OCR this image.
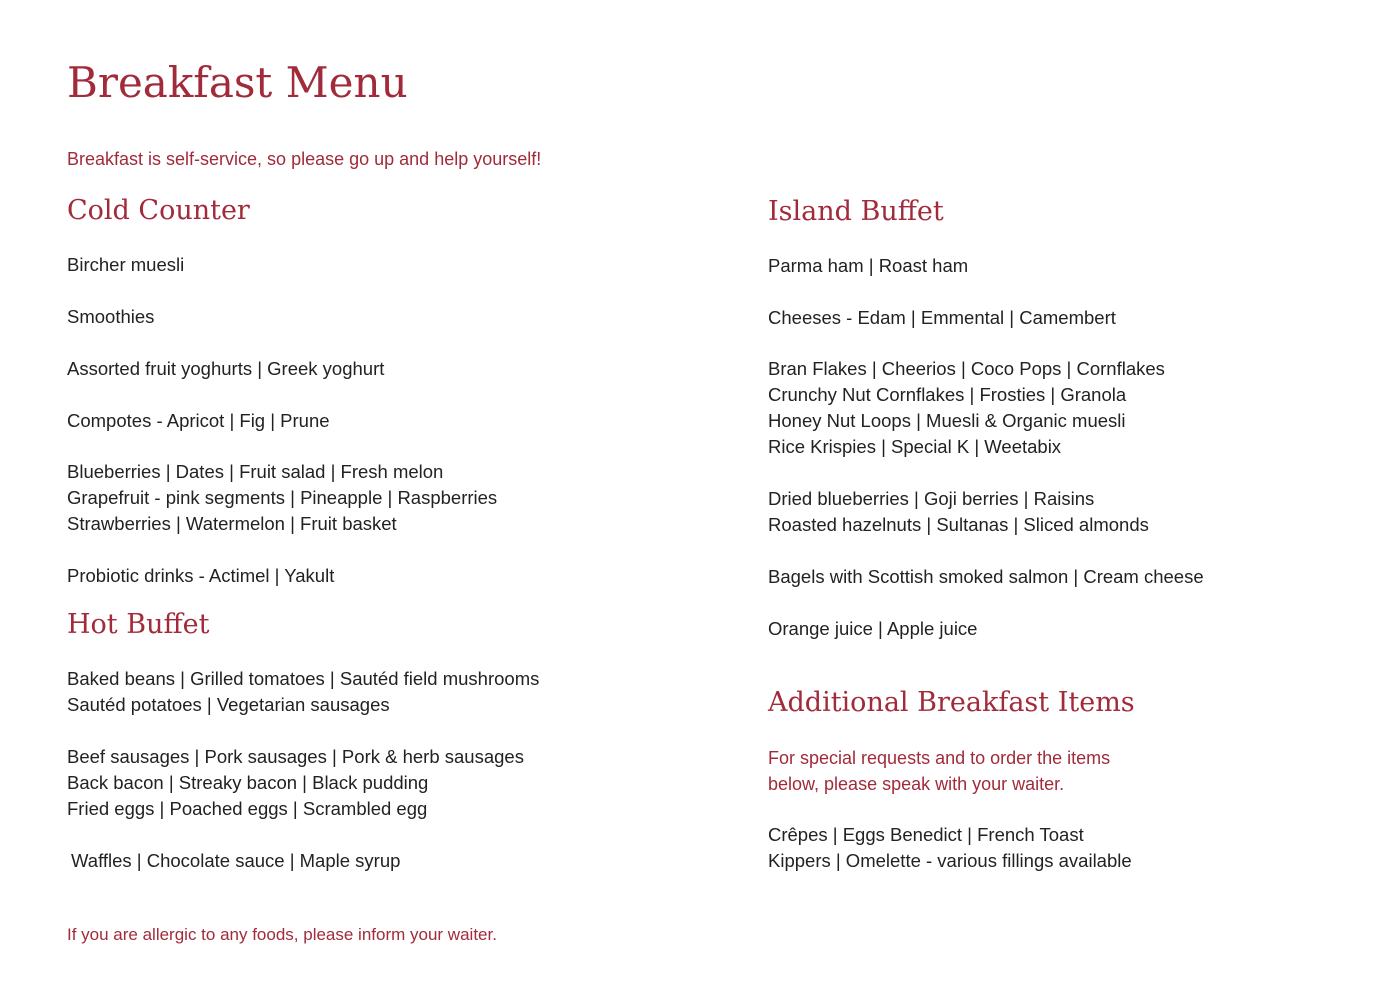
Breakfast Menu
Breakfast is self-service, so please go up and help yourself!
Cold Counter
Bircher muesli
Smoothies
Assorted fruit yoghurts | Greek yoghurt
Compotes - Apricot | Fig | Prune
Blueberries | Dates | Fruit salad | Fresh melon
Grapefruit - pink segments | Pineapple | Raspberries
Strawberries | Watermelon | Fruit basket
Probiotic drinks - Actimel | Yakult
Hot Buffet
Baked beans | Grilled tomatoes | Sautéd field mushrooms
Sautéd potatoes | Vegetarian sausages
Beef sausages | Pork sausages | Pork & herb sausages
Back bacon | Streaky bacon | Black pudding
Fried eggs | Poached eggs | Scrambled egg
Waffles | Chocolate sauce | Maple syrup
Island Buffet
Parma ham | Roast ham
Cheeses - Edam | Emmental | Camembert
Bran Flakes | Cheerios | Coco Pops | Cornflakes
Crunchy Nut Cornflakes | Frosties | Granola
Honey Nut Loops | Muesli & Organic muesli
Rice Krispies | Special K | Weetabix
Dried blueberries | Goji berries | Raisins
Roasted hazelnuts | Sultanas | Sliced almonds
Bagels with Scottish smoked salmon | Cream cheese
Orange juice | Apple juice
Additional Breakfast Items
For special requests and to order the items
below, please speak with your waiter.
Crêpes | Eggs Benedict | French Toast
Kippers | Omelette - various fillings available
If you are allergic to any foods, please inform your waiter.
